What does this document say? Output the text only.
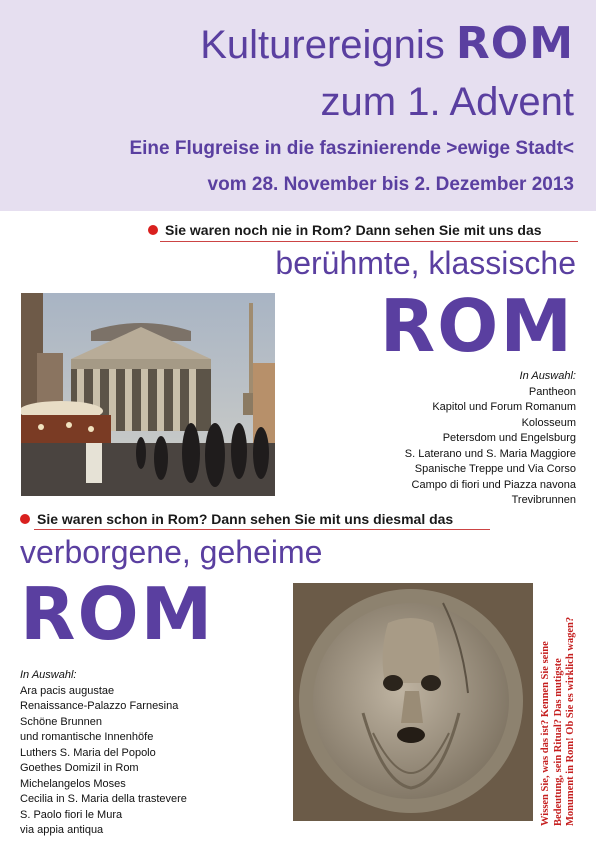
Kulturereignis ROM
zum 1. Advent
Eine Flugreise in die faszinierende >ewige Stadt<
vom 28. November bis 2. Dezember 2013
Sie waren noch nie in Rom? Dann sehen Sie mit uns das
berühmte, klassische
ROM
In Auswahl:
Pantheon
Kapitol und Forum Romanum
Kolosseum
Petersdom und Engelsburg
S. Laterano und S. Maria Maggiore
Spanische Treppe und Via Corso
Campo di fiori und Piazza navona
Trevibrunnen
Sie waren schon in Rom? Dann sehen Sie mit uns diesmal das
verborgene, geheime
ROM
In Auswahl:
Ara pacis augustae
Renaissance-Palazzo Farnesina
Schöne Brunnen
und romantische Innenhöfe
Luthers S. Maria del Popolo
Goethes Domizil in Rom
Michelangelos Moses
Cecilia in S. Maria della trastevere
S. Paolo fiori le Mura
via appia antiqua
Wissen Sie, was das ist? Kennen Sie seine Bedeutung, sein Ritual? Das mutigste Monument in Rom! Ob Sie es wirklich wagen?
